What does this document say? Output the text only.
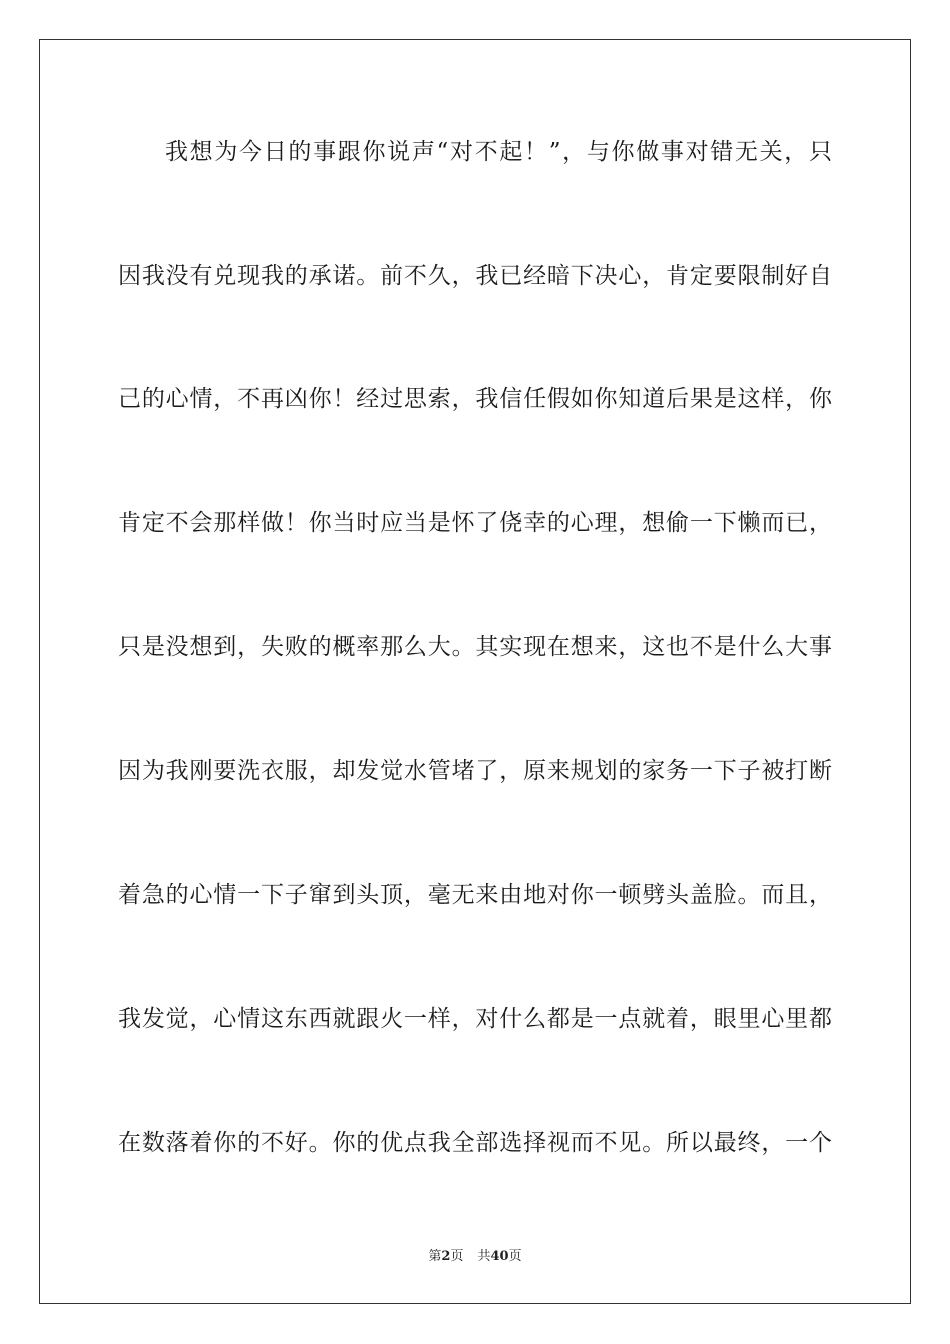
我想为今日的事跟你说声“对不起！”，与你做事对错无关，只
因我没有兑现我的承诺。前不久，我已经暗下决心，肯定要限制好自
己的心情，不再凶你！经过思索，我信任假如你知道后果是这样，你
肯定不会那样做！你当时应当是怀了侥幸的心理，想偷一下懒而已，
只是没想到，失败的概率那么大。其实现在想来，这也不是什么大事
因为我刚要洗衣服，却发觉水管堵了，原来规划的家务一下子被打断
着急的心情一下子窜到头顶，毫无来由地对你一顿劈头盖脸。而且，
我发觉，心情这东西就跟火一样，对什么都是一点就着，眼里心里都
在数落着你的不好。你的优点我全部选择视而不见。所以最终，一个
第2页 共40页
